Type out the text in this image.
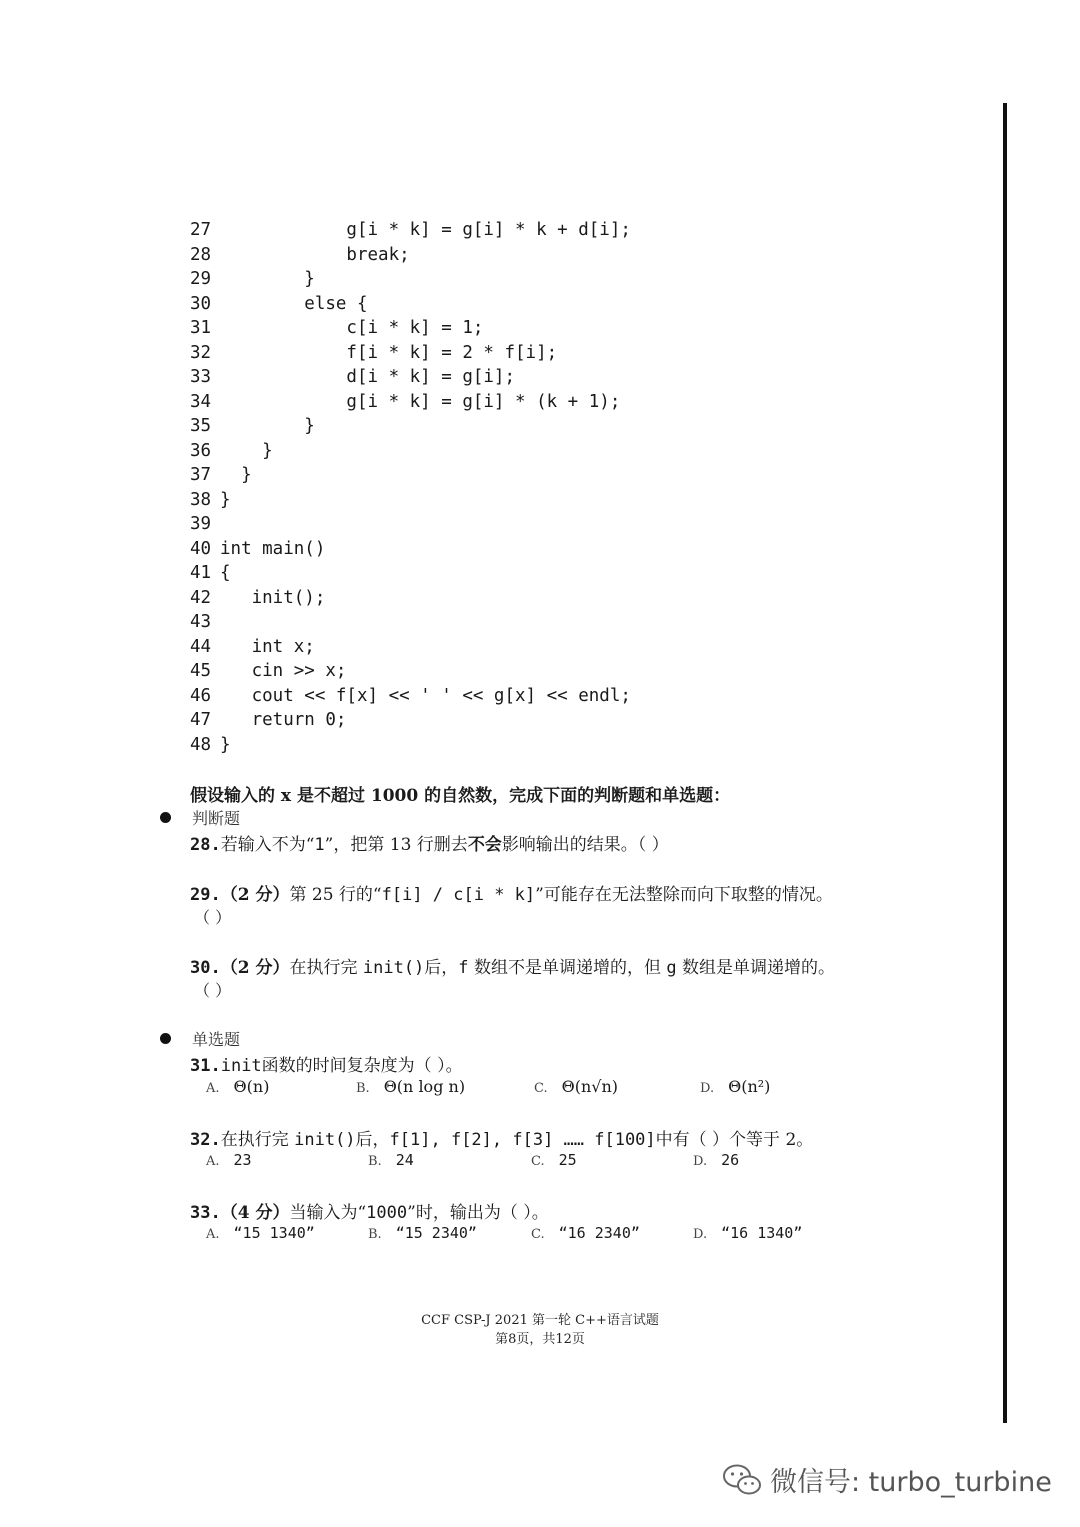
27            g[i * k] = g[i] * k + d[i];
28            break;
29        }
30        else {
31            c[i * k] = 1;
32            f[i * k] = 2 * f[i];
33            d[i * k] = g[i];
34            g[i * k] = g[i] * (k + 1);
35        }
36    }
37  }
38 }
39
40 int main()
41 {
42   init();
43
44   int x;
45   cin >> x;
46   cout << f[x] << ' ' << g[x] << endl;
47   return 0;
48 }
假设输入的 x 是不超过 1000 的自然数，完成下面的判断题和单选题：
判断题
28.若输入不为“1”，把第 13 行删去不会影响输出的结果。（ ）
29.（2 分）第 25 行的“f[i] / c[i * k]”可能存在无法整除而向下取整的情况。
（ ）
30.（2 分）在执行完 init()后，f 数组不是单调递增的，但 g 数组是单调递增的。
（ ）
单选题
31.init函数的时间复杂度为（ ）。
A. Θ(n)	B. Θ(n log n)	C. Θ(n√n)	D. Θ(n²)
32.在执行完 init()后，f[1], f[2], f[3] …… f[100]中有（ ）个等于 2。
A. 23	B. 24	C. 25	D. 26
33.（4 分）当输入为“1000”时，输出为（ ）。
A. “15 1340”	B. “15 2340”	C. “16 2340”	D. “16 1340”
CCF CSP-J 2021 第一轮 C++语言试题
第8页，共12页
微信号: turbo_turbine
